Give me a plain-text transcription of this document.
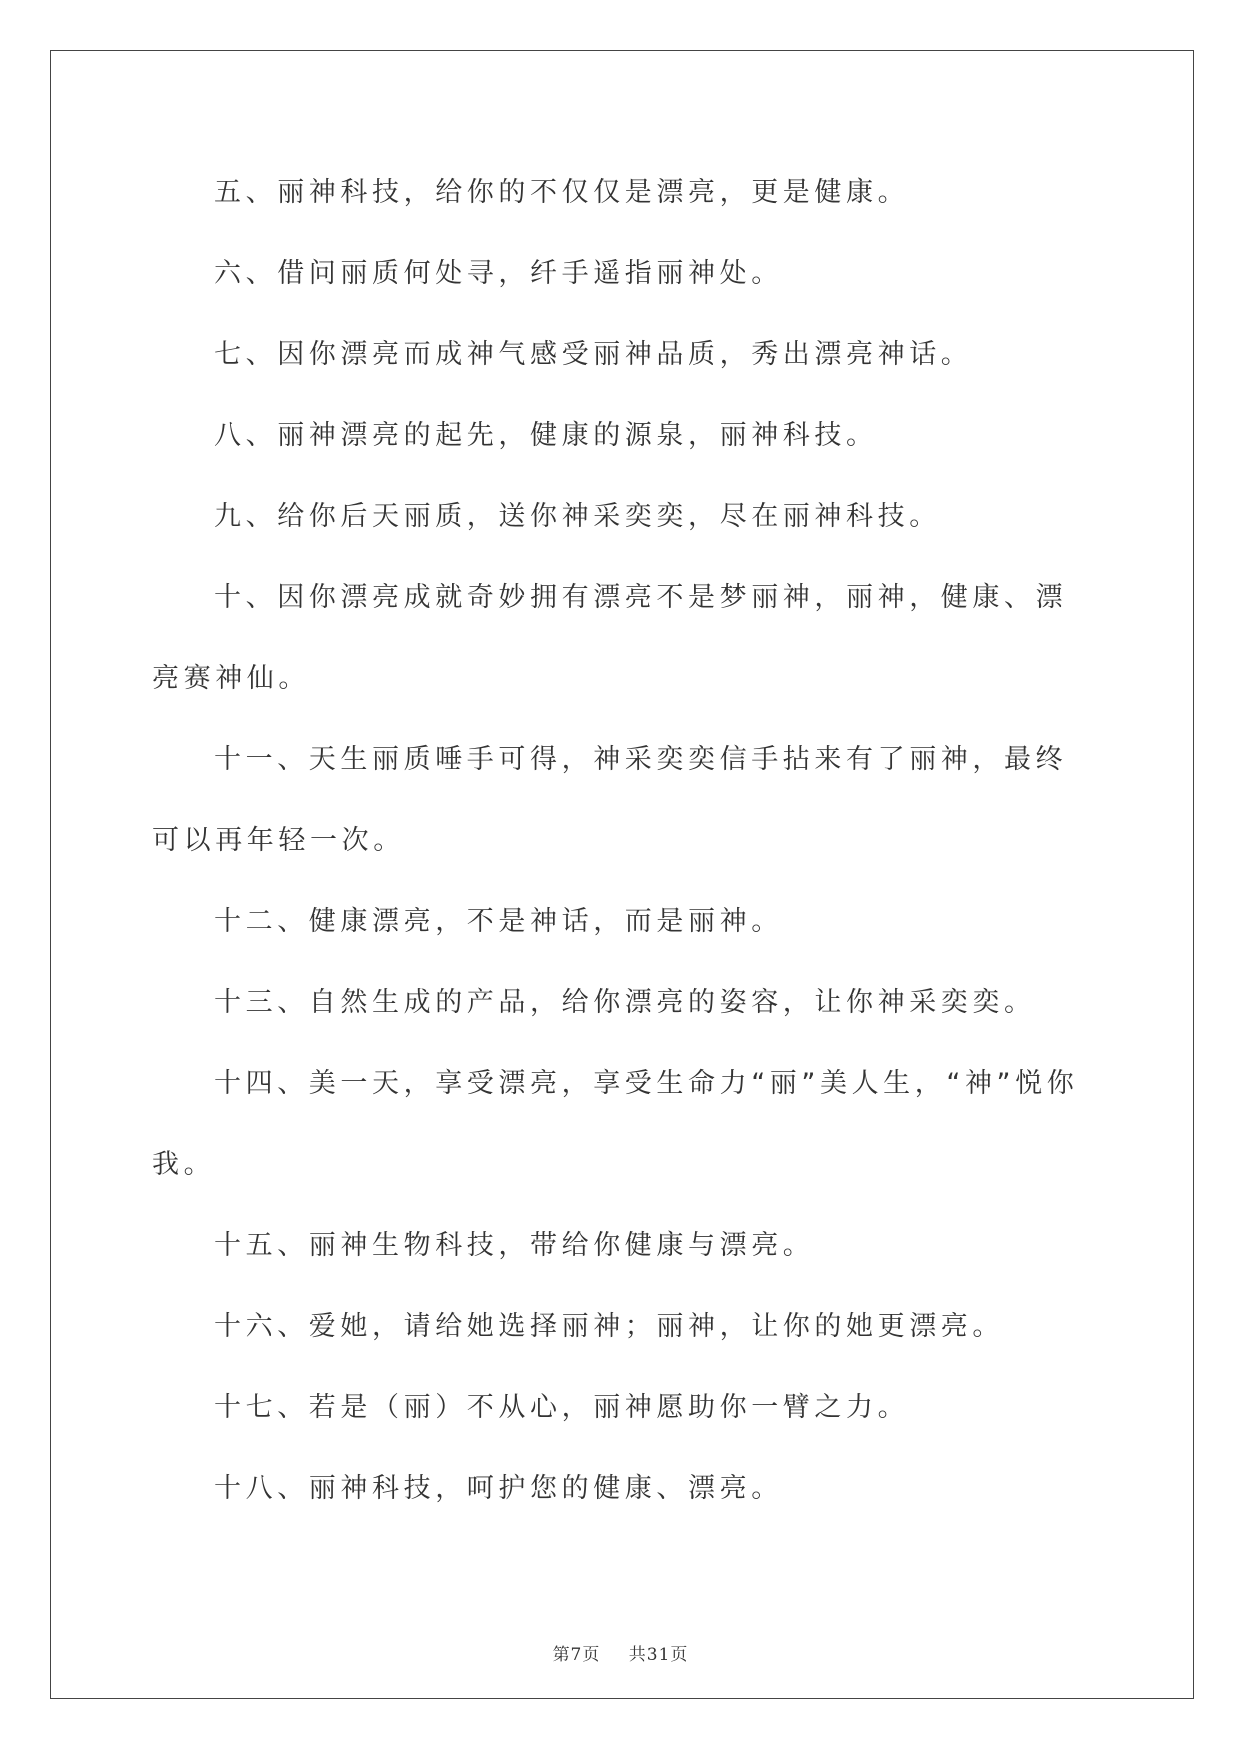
五、丽神科技，给你的不仅仅是漂亮，更是健康。

六、借问丽质何处寻，纤手遥指丽神处。

七、因你漂亮而成神气感受丽神品质，秀出漂亮神话。

八、丽神漂亮的起先，健康的源泉，丽神科技。

九、给你后天丽质，送你神采奕奕，尽在丽神科技。

十、因你漂亮成就奇妙拥有漂亮不是梦丽神，丽神，健康、漂亮赛神仙。

十一、天生丽质唾手可得，神采奕奕信手拈来有了丽神，最终可以再年轻一次。

十二、健康漂亮，不是神话，而是丽神。

十三、自然生成的产品，给你漂亮的姿容，让你神采奕奕。

十四、美一天，享受漂亮，享受生命力“丽”美人生，“神”悦你我。

十五、丽神生物科技，带给你健康与漂亮。

十六、爱她，请给她选择丽神；丽神，让你的她更漂亮。

十七、若是（丽）不从心，丽神愿助你一臂之力。

十八、丽神科技，呵护您的健康、漂亮。

第7页 共31页
